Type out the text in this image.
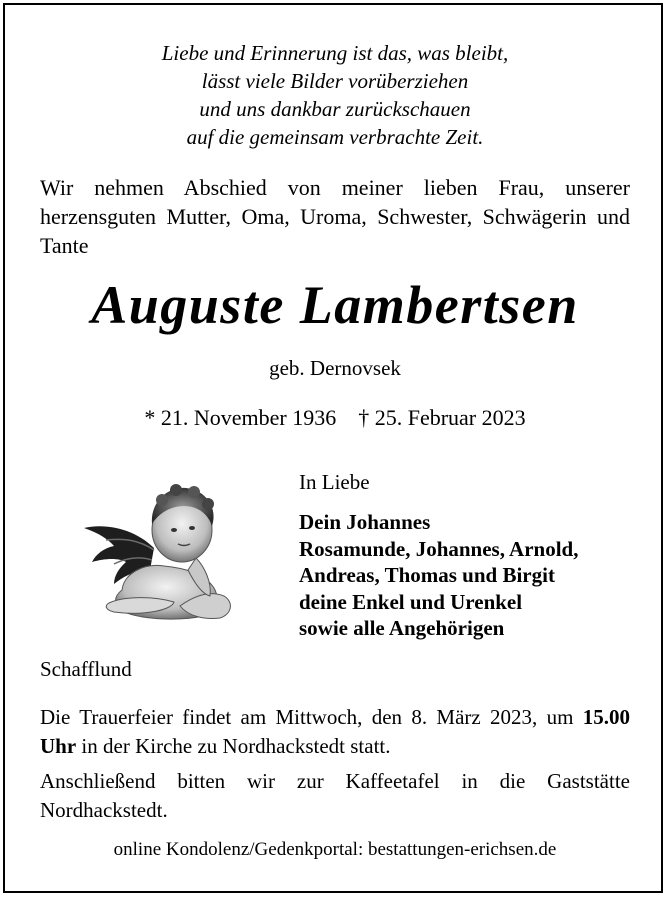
Liebe und Erinnerung ist das, was bleibt,
lässt viele Bilder vorüberziehen
und uns dankbar zurückschauen
auf die gemeinsam verbrachte Zeit.
Wir nehmen Abschied von meiner lieben Frau, unserer herzensguten Mutter, Oma, Uroma, Schwester, Schwägerin und Tante
Auguste Lambertsen
geb. Dernovsek
* 21. November 1936 † 25. Februar 2023
In Liebe
Dein Johannes
Rosamunde, Johannes, Arnold,
Andreas, Thomas und Birgit
deine Enkel und Urenkel
sowie alle Angehörigen
Schafflund

Die Trauerfeier findet am Mittwoch, den 8. März 2023, um 15.00 Uhr in der Kirche zu Nordhackstedt statt.

Anschließend bitten wir zur Kaffeetafel in die Gaststätte Nordhackstedt.

online Kondolenz/Gedenkportal: bestattungen-erichsen.de
